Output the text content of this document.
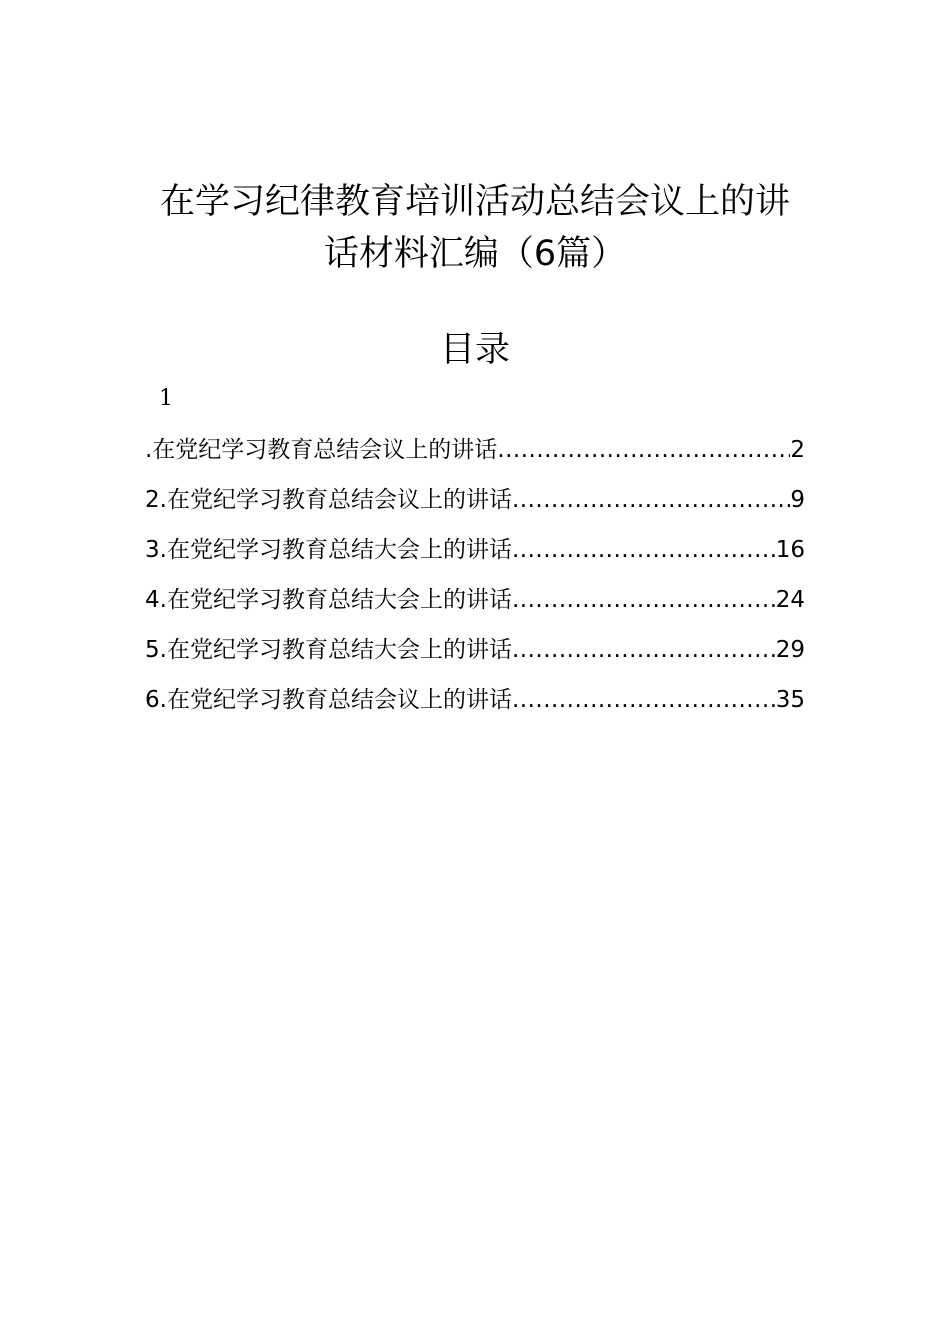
在学习纪律教育培训活动总结会议上的讲
话材料汇编（6篇）
目录
1
.在党纪学习教育总结会议上的讲话 .....	2
2.在党纪学习教育总结会议上的讲话 .....	9
3.在党纪学习教育总结大会上的讲话 .....	16
4.在党纪学习教育总结大会上的讲话 .....	24
5.在党纪学习教育总结大会上的讲话 .....	29
6.在党纪学习教育总结会议上的讲话 .....	35
